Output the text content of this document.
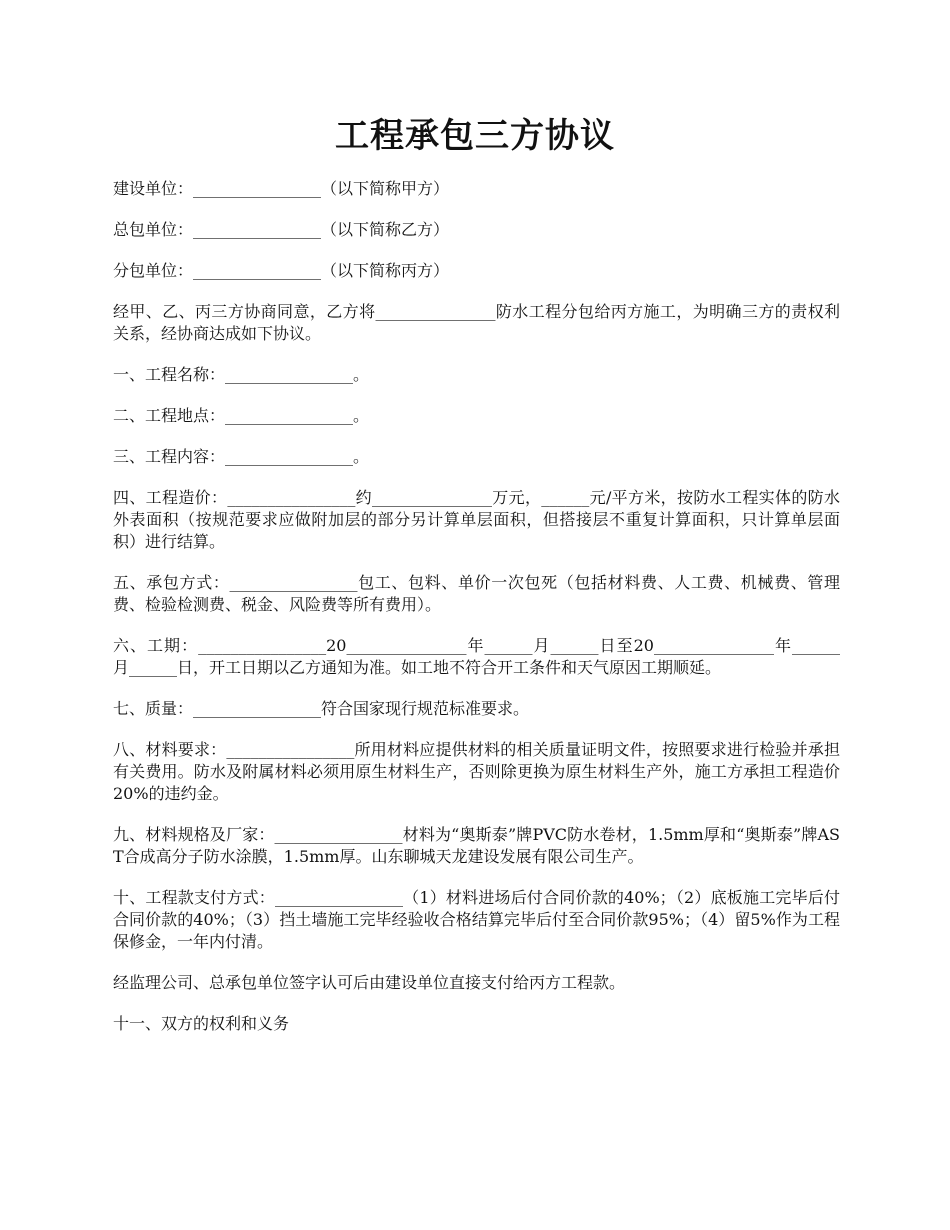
工程承包三方协议

建设单位：________________（以下简称甲方）

总包单位：________________（以下简称乙方）

分包单位：________________（以下简称丙方）

经甲、乙、丙三方协商同意，乙方将_______________防水工程分包给丙方施工，为明确三方的责权利关系，经协商达成如下协议。

一、工程名称：________________。

二、工程地点：________________。

三、工程内容：________________。

四、工程造价：________________约_______________万元，______元/平方米，按防水工程实体的防水外表面积（按规范要求应做附加层的部分另计算单层面积，但搭接层不重复计算面积，只计算单层面积）进行结算。

五、承包方式：________________包工、包料、单价一次包死（包括材料费、人工费、机械费、管理费、检验检测费、税金、风险费等所有费用）。

六、工期：________________20_______________年______月______日至20_______________年______月______日，开工日期以乙方通知为准。如工地不符合开工条件和天气原因工期顺延。

七、质量：________________符合国家现行规范标准要求。

八、材料要求：________________所用材料应提供材料的相关质量证明文件，按照要求进行检验并承担有关费用。防水及附属材料必须用原生材料生产，否则除更换为原生材料生产外，施工方承担工程造价20%的违约金。

九、材料规格及厂家：________________材料为“奥斯泰”牌PVC防水卷材，1.5mm厚和“奥斯泰”牌AST合成高分子防水涂膜，1.5mm厚。山东聊城天龙建设发展有限公司生产。

十、工程款支付方式：________________（1）材料进场后付合同价款的40%；（2）底板施工完毕后付合同价款的40%；（3）挡土墙施工完毕经验收合格结算完毕后付至合同价款95%；（4）留5%作为工程保修金，一年内付清。

经监理公司、总承包单位签字认可后由建设单位直接支付给丙方工程款。

十一、双方的权利和义务
